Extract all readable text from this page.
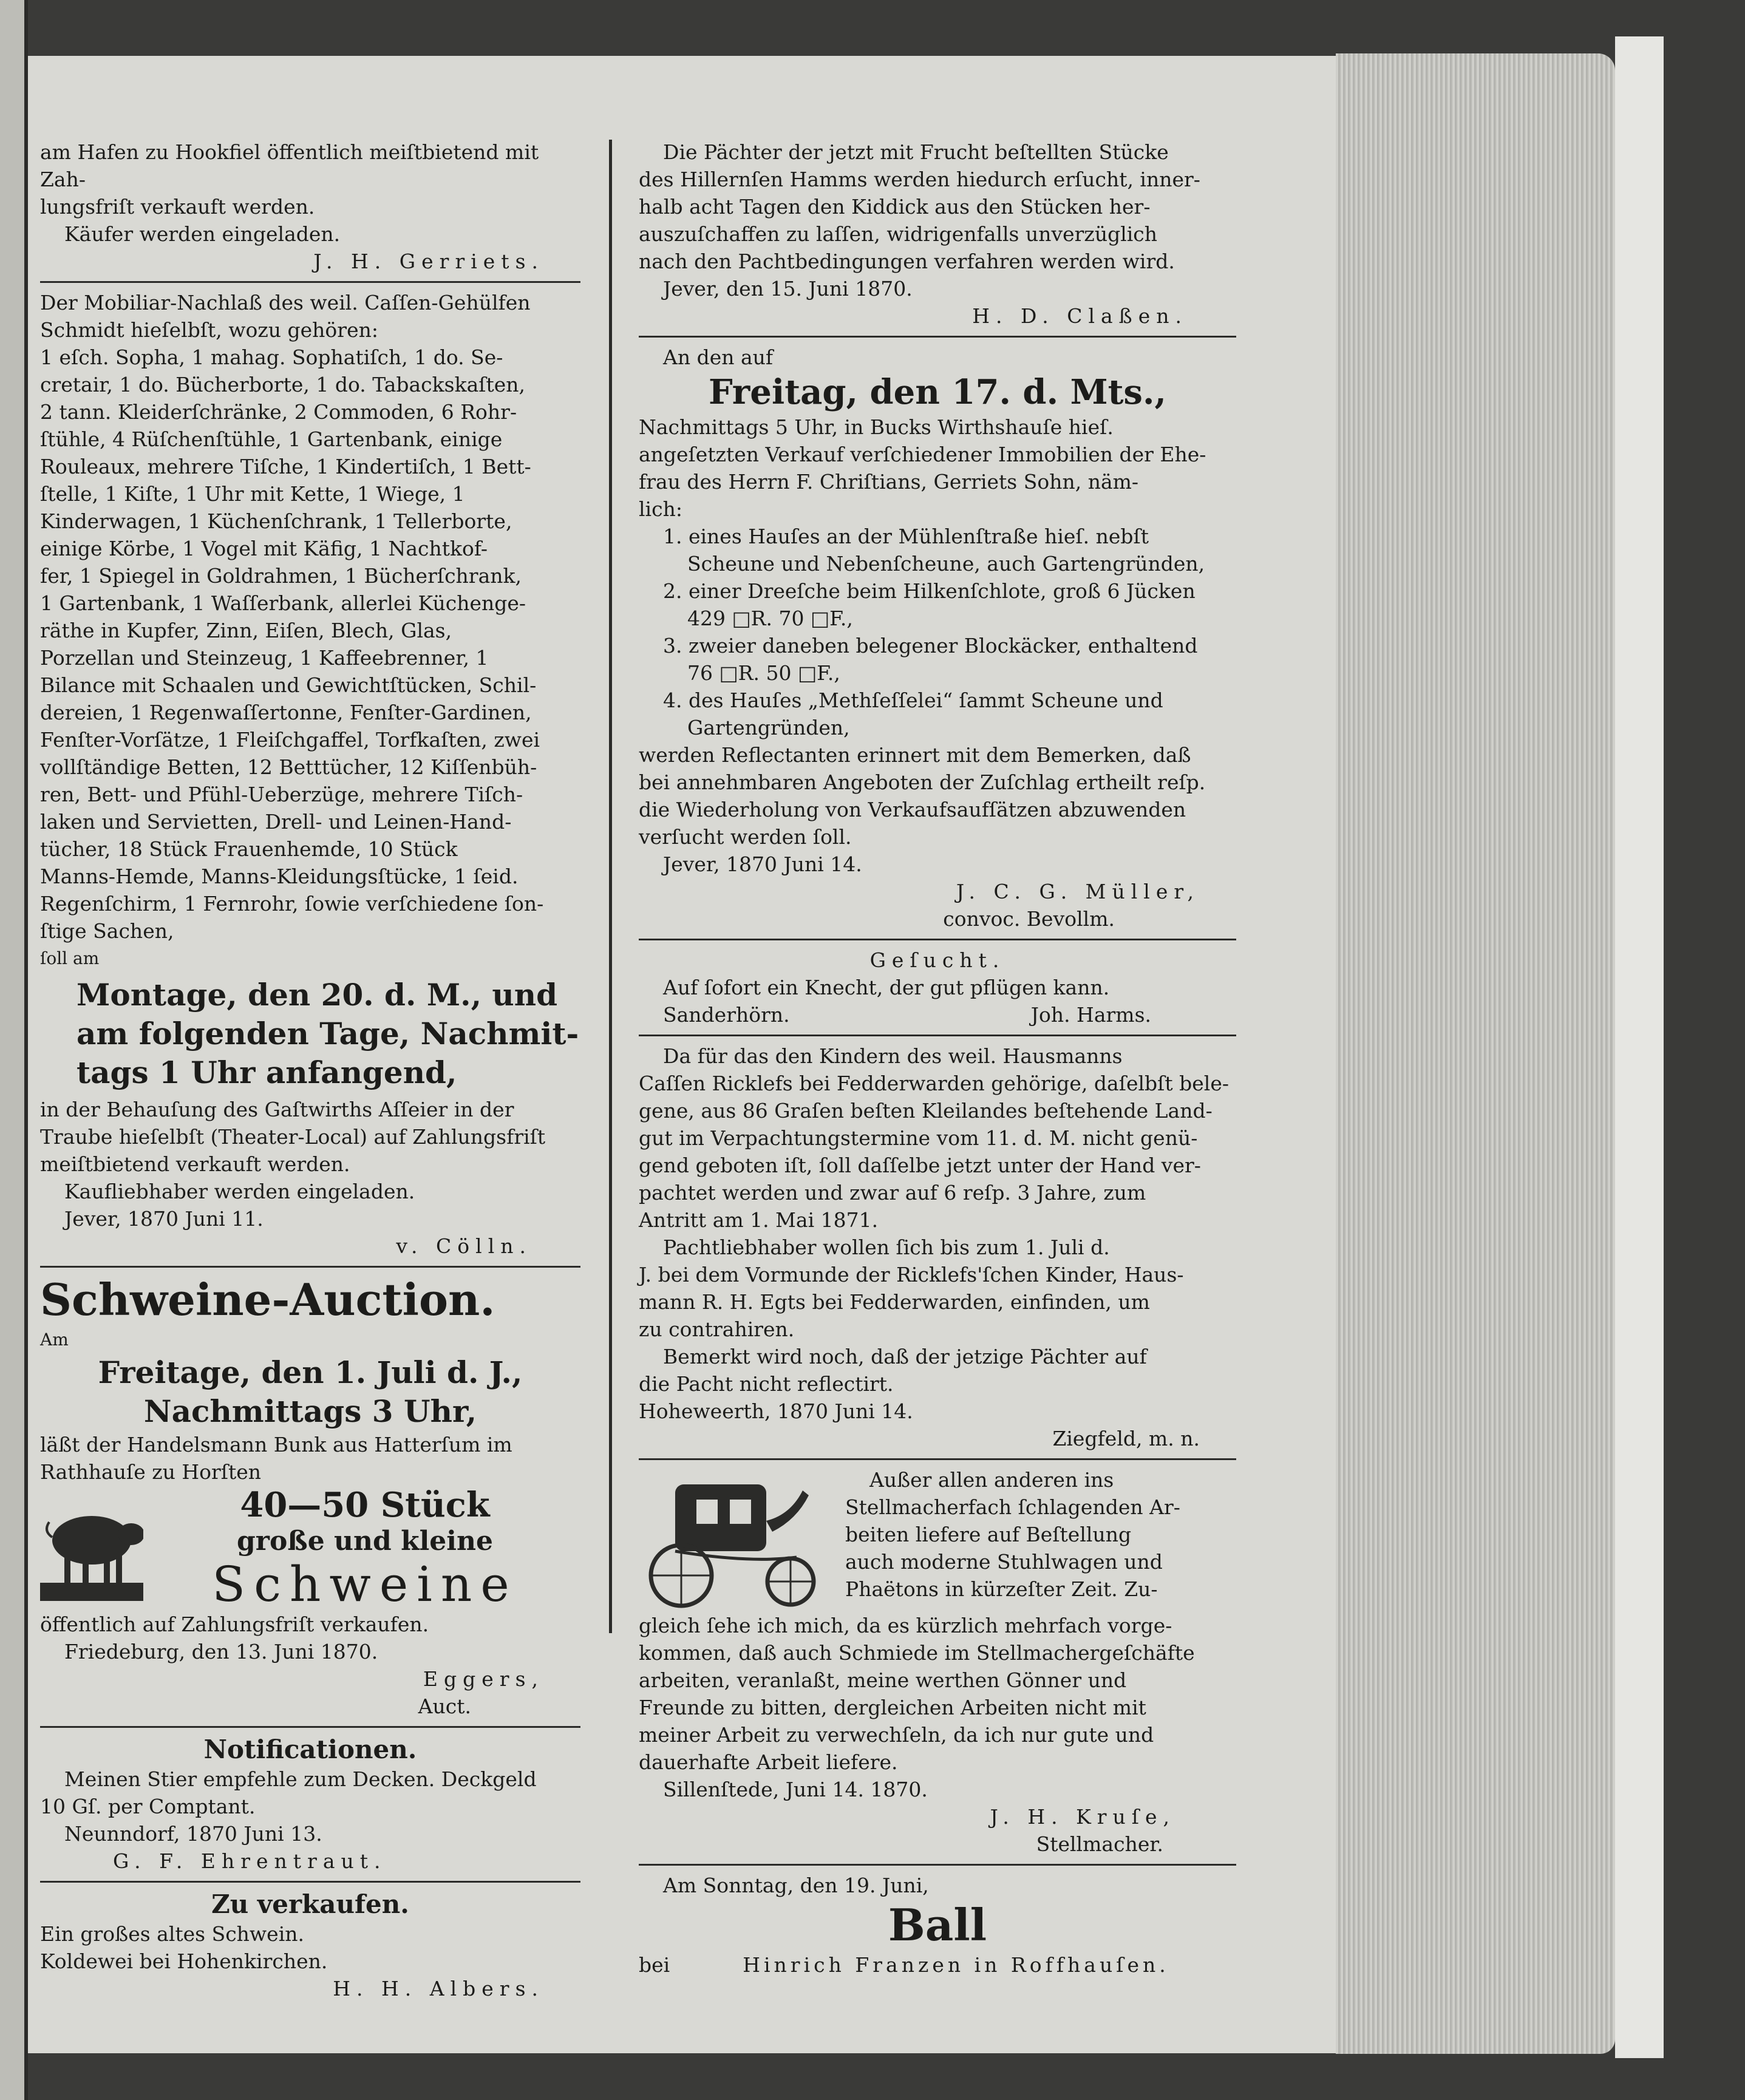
am Hafen zu Hookfiel öffentlich meiſtbietend mit Zah-

lungsfriſt verkauft werden.

Käufer werden eingeladen.

J. H. Gerriets.

Der Mobiliar-Nachlaß des weil. Caſſen-Gehülfen

Schmidt hieſelbſt, wozu gehören:

1 eſch. Sopha, 1 mahag. Sophatiſch, 1 do. Se-

cretair, 1 do. Bücherborte, 1 do. Tabackskaſten,

2 tann. Kleiderſchränke, 2 Commoden, 6 Rohr-

ſtühle, 4 Rüſchenſtühle, 1 Gartenbank, einige

Rouleaux, mehrere Tiſche, 1 Kindertiſch, 1 Bett-

ſtelle, 1 Kiſte, 1 Uhr mit Kette, 1 Wiege, 1

Kinderwagen, 1 Küchenſchrank, 1 Tellerborte,

einige Körbe, 1 Vogel mit Käfig, 1 Nachtkof-

fer, 1 Spiegel in Goldrahmen, 1 Bücherſchrank,

1 Gartenbank, 1 Waſſerbank, allerlei Küchenge-

räthe in Kupfer, Zinn, Eiſen, Blech, Glas,

Porzellan und Steinzeug, 1 Kaffeebrenner, 1

Bilance mit Schaalen und Gewichtſtücken, Schil-

dereien, 1 Regenwaſſertonne, Fenſter-Gardinen,

Fenſter-Vorſätze, 1 Fleiſchgaffel, Torfkaſten, zwei

vollſtändige Betten, 12 Betttücher, 12 Kiſſenbüh-

ren, Bett- und Pfühl-Ueberzüge, mehrere Tiſch-

laken und Servietten, Drell- und Leinen-Hand-

tücher, 18 Stück Frauenhemde, 10 Stück

Manns-Hemde, Manns-Kleidungsſtücke, 1 ſeid.

Regenſchirm, 1 Fernrohr, ſowie verſchiedene ſon-

ſtige Sachen,

ſoll am

Montage, den 20. d. M., und

am folgenden Tage, Nachmit-

tags 1 Uhr anfangend,

in der Behauſung des Gaſtwirths Aſſeier in der

Traube hieſelbſt (Theater-Local) auf Zahlungsfriſt

meiſtbietend verkauft werden.

Kaufliebhaber werden eingeladen.

Jever, 1870 Juni 11.

v. Cölln.

Schweine-Auction.

Am

Freitage, den 1. Juli d. J.,

Nachmittags 3 Uhr,

läßt der Handelsmann Bunk aus Hatterſum im

Rathhauſe zu Horſten

40—50 Stück

große und kleine

Schweine

öffentlich auf Zahlungsfriſt verkaufen.

Friedeburg, den 13. Juni 1870.

Eggers,

Auct.

Notificationen.

Meinen Stier empfehle zum Decken. Deckgeld

10 Gſ. per Comptant.

Neunndorf, 1870 Juni 13.

G. F. Ehrentraut.

Zu verkaufen.

Ein großes altes Schwein.

Koldewei bei Hohenkirchen.

H. H. Albers.

Die Pächter der jetzt mit Frucht beſtellten Stücke

des Hillernſen Hamms werden hiedurch erſucht, inner-

halb acht Tagen den Kiddick aus den Stücken her-

auszuſchaffen zu laſſen, widrigenfalls unverzüglich

nach den Pachtbedingungen verfahren werden wird.

Jever, den 15. Juni 1870.

H. D. Claßen.

An den auf

Freitag, den 17. d. Mts.,

Nachmittags 5 Uhr, in Bucks Wirthshauſe hieſ.

angeſetzten Verkauf verſchiedener Immobilien der Ehe-

frau des Herrn F. Chriſtians, Gerriets Sohn, näm-

lich:

1. eines Hauſes an der Mühlenſtraße hieſ. nebſt

Scheune und Nebenſcheune, auch Gartengründen,

2. einer Dreeſche beim Hilkenſchlote, groß 6 Jücken

429 □R. 70 □F.,

3. zweier daneben belegener Blockäcker, enthaltend

76 □R. 50 □F.,

4. des Hauſes „Methſeſſelei“ ſammt Scheune und

Gartengründen,

werden Reflectanten erinnert mit dem Bemerken, daß

bei annehmbaren Angeboten der Zuſchlag ertheilt reſp.

die Wiederholung von Verkaufsaufſätzen abzuwenden

verſucht werden ſoll.

Jever, 1870 Juni 14.

J. C. G. Müller,

convoc. Bevollm.

Geſucht.

Auf ſofort ein Knecht, der gut pflügen kann.

Sanderhörn.	Joh. Harms.

Da für das den Kindern des weil. Hausmanns

Caſſen Ricklefs bei Fedderwarden gehörige, daſelbſt bele-

gene, aus 86 Graſen beſten Kleilandes beſtehende Land-

gut im Verpachtungstermine vom 11. d. M. nicht genü-

gend geboten iſt, ſoll daſſelbe jetzt unter der Hand ver-

pachtet werden und zwar auf 6 reſp. 3 Jahre, zum

Antritt am 1. Mai 1871.

Pachtliebhaber wollen ſich bis zum 1. Juli d.

J. bei dem Vormunde der Ricklefs'ſchen Kinder, Haus-

mann R. H. Egts bei Fedderwarden, einfinden, um

zu contrahiren.

Bemerkt wird noch, daß der jetzige Pächter auf

die Pacht nicht reflectirt.

Hoheweerth, 1870 Juni 14.

Ziegfeld, m. n.

Außer allen anderen ins

Stellmacherfach ſchlagenden Ar-

beiten liefere auf Beſtellung

auch moderne Stuhlwagen und

Phaëtons in kürzeſter Zeit. Zu-

gleich ſehe ich mich, da es kürzlich mehrfach vorge-

kommen, daß auch Schmiede im Stellmachergeſchäfte

arbeiten, veranlaßt, meine werthen Gönner und

Freunde zu bitten, dergleichen Arbeiten nicht mit

meiner Arbeit zu verwechſeln, da ich nur gute und

dauerhafte Arbeit liefere.

Sillenſtede, Juni 14. 1870.

J. H. Kruſe,

Stellmacher.

Am Sonntag, den 19. Juni,

Ball

bei	Hinrich Franzen in Roffhauſen.
